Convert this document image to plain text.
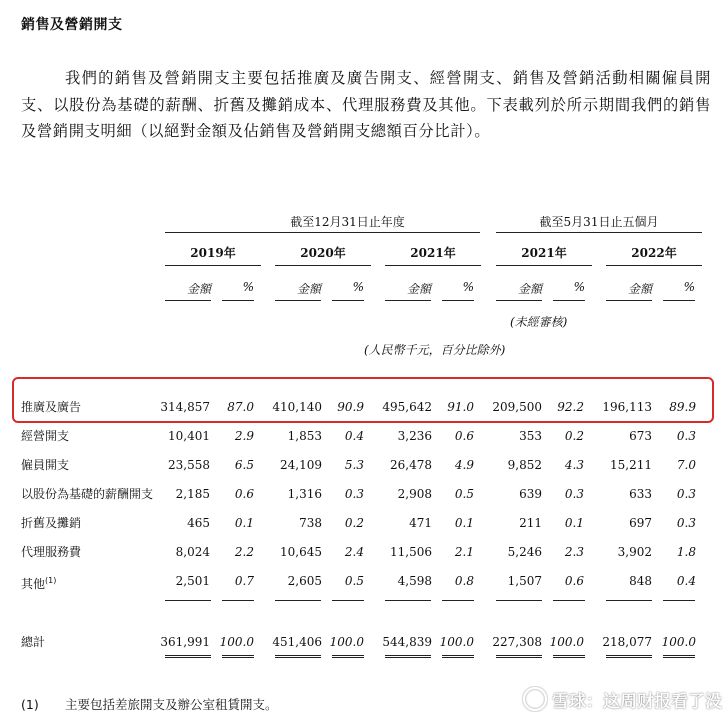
銷售及營銷開支

我們的銷售及營銷開支主要包括推廣及廣告開支、經營開支、銷售及營銷活動相關僱員開支、以股份為基礎的薪酬、折舊及攤銷成本、代理服務費及其他。下表載列於所示期間我們的銷售及營銷開支明細（以絕對金額及佔銷售及營銷開支總額百分比計）。

截至12月31日止年度	截至5月31日止五個月
2019年	2020年	2021年	2021年	2022年
金額	%	金額	%	金額	%	金額	%	金額	%
(未經審核)
(人民幣千元，百分比除外)
推廣及廣告	314,857	87.0	410,140	90.9	495,642	91.0	209,500	92.2	196,113	89.9
經營開支	10,401	2.9	1,853	0.4	3,236	0.6	353	0.2	673	0.3
僱員開支	23,558	6.5	24,109	5.3	26,478	4.9	9,852	4.3	15,211	7.0
以股份為基礎的薪酬開支	2,185	0.6	1,316	0.3	2,908	0.5	639	0.3	633	0.3
折舊及攤銷	465	0.1	738	0.2	471	0.1	211	0.1	697	0.3
代理服務費	8,024	2.2	10,645	2.4	11,506	2.1	5,246	2.3	3,902	1.8
其他$^{(1)}$	2,501	0.7	2,605	0.5	4,598	0.8	1,507	0.6	848	0.4
總計	361,991 100.0	451,406 100.0	544,839 100.0	227,308 100.0	218,077 100.0
(1) 主要包括差旅開支及辦公室租賃開支。	雪球：这周财报看了没
